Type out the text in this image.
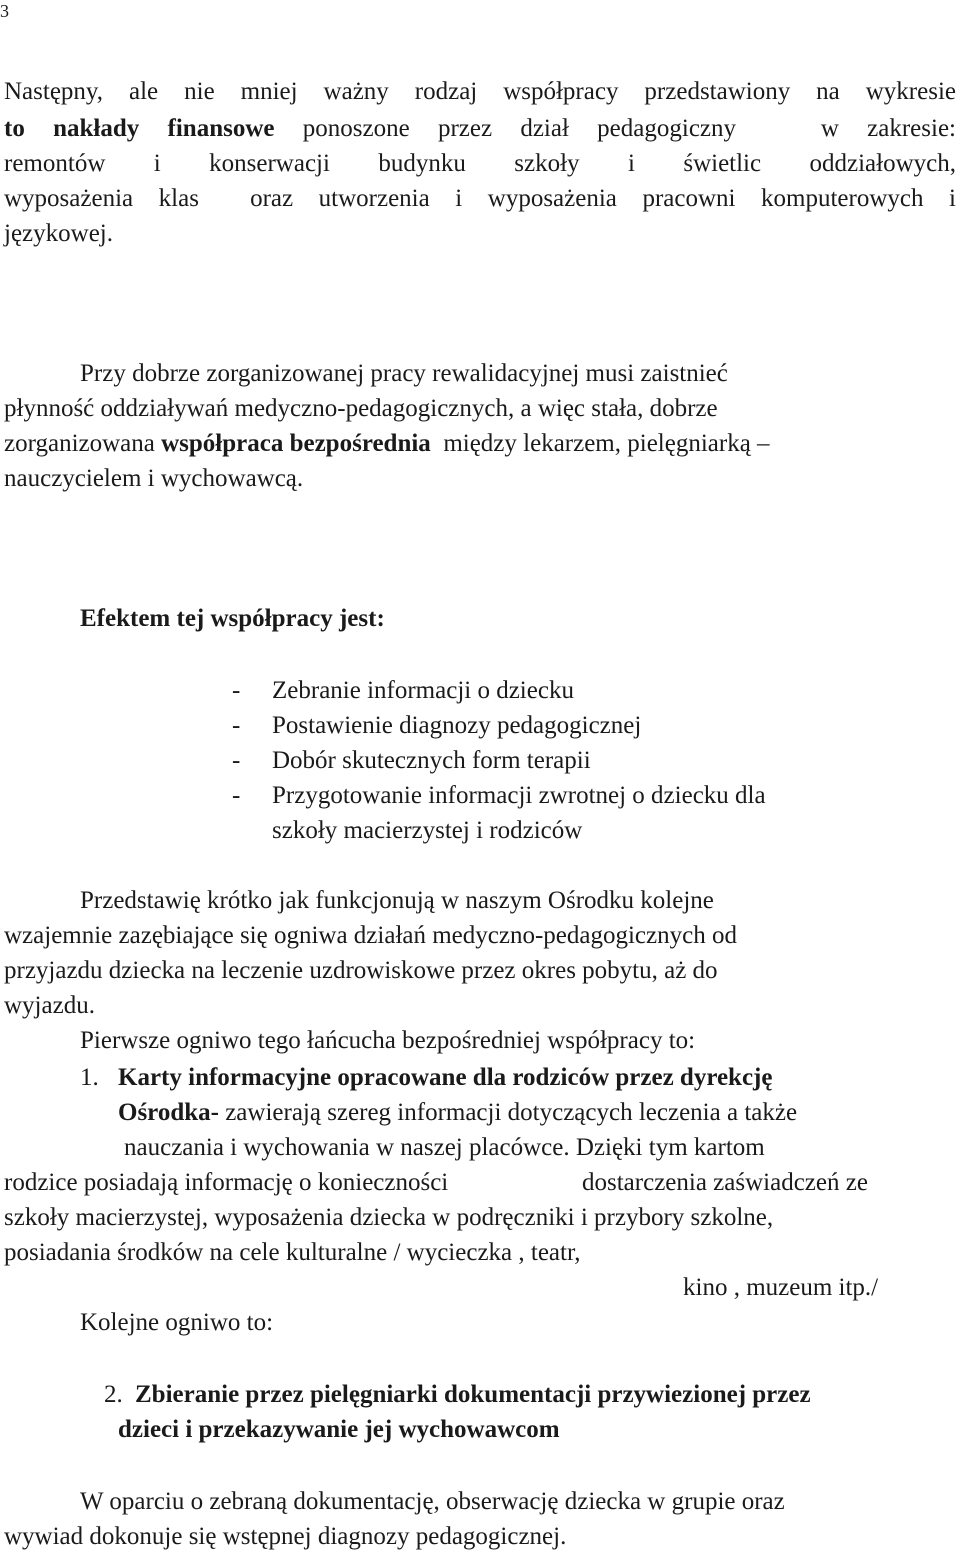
3
Następny, ale nie mniej ważny rodzaj współpracy przedstawiony na wykresie
to nakłady finansowe ponoszone przez dział pedagogiczny   w zakresie:
remontów i konserwacji budynku szkoły i świetlic oddziałowych,
wyposażenia klas  oraz utworzenia i wyposażenia pracowni komputerowych i
językowej.
Przy dobrze zorganizowanej pracy rewalidacyjnej musi zaistnieć
płynność oddziaływań medyczno-pedagogicznych, a więc stała, dobrze
zorganizowana współpraca bezpośrednia  między lekarzem, pielęgniarką –
nauczycielem i wychowawcą.
Efektem tej współpracy jest:
- Zebranie informacji o dziecku
- Postawienie diagnozy pedagogicznej
- Dobór skutecznych form terapii
- Przygotowanie informacji zwrotnej o dziecku dla
szkoły macierzystej i rodziców
Przedstawię krótko jak funkcjonują w naszym Ośrodku kolejne
wzajemnie zazębiające się ogniwa działań medyczno-pedagogicznych od
przyjazdu dziecka na leczenie uzdrowiskowe przez okres pobytu, aż do
wyjazdu.
Pierwsze ogniwo tego łańcucha bezpośredniej współpracy to:
1. Karty informacyjne opracowane dla rodziców przez dyrekcję
Ośrodka- zawierają szereg informacji dotyczących leczenia a także
nauczania i wychowania w naszej placówce. Dzięki tym kartom
rodzice posiadają informację o konieczności	dostarczenia zaświadczeń ze
szkoły macierzystej, wyposażenia dziecka w podręczniki i przybory szkolne,
posiadania środków na cele kulturalne / wycieczka , teatr,
kino , muzeum itp./
Kolejne ogniwo to:
2. Zbieranie przez pielęgniarki dokumentacji przywiezionej przez
dzieci i przekazywanie jej wychowawcom
W oparciu o zebraną dokumentację, obserwację dziecka w grupie oraz
wywiad dokonuje się wstępnej diagnozy pedagogicznej.
